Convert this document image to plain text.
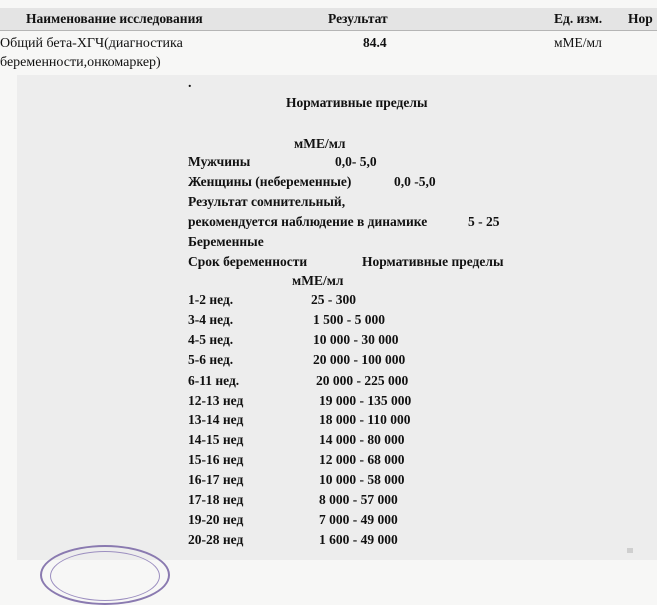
Наименование исследования	Результат	Ед. изм. Нор
Общий бета-ХГЧ(диагностика
беременности,онкомаркер)
84.4	мМЕ/мл
.
Нормативные пределы
мМЕ/мл
Мужчины	0,0- 5,0
Женщины (небеременные)	0,0 -5,0
Результат сомнительный,
рекомендуется наблюдение в динамике	5 - 25
Беременные
Срок беременности	Нормативные пределы
мМЕ/мл
1-2 нед.	25 - 300
3-4 нед.	1 500 - 5 000
4-5 нед.	10 000 - 30 000
5-6 нед.	20 000 - 100 000
6-11 нед.	20 000 - 225 000
12-13 нед	19 000 - 135 000
13-14 нед	18 000 - 110 000
14-15 нед	14 000 - 80 000
15-16 нед	12 000 - 68 000
16-17 нед	10 000 - 58 000
17-18 нед	8 000 - 57 000
19-20 нед	7 000 - 49 000
20-28 нед	1 600 - 49 000
